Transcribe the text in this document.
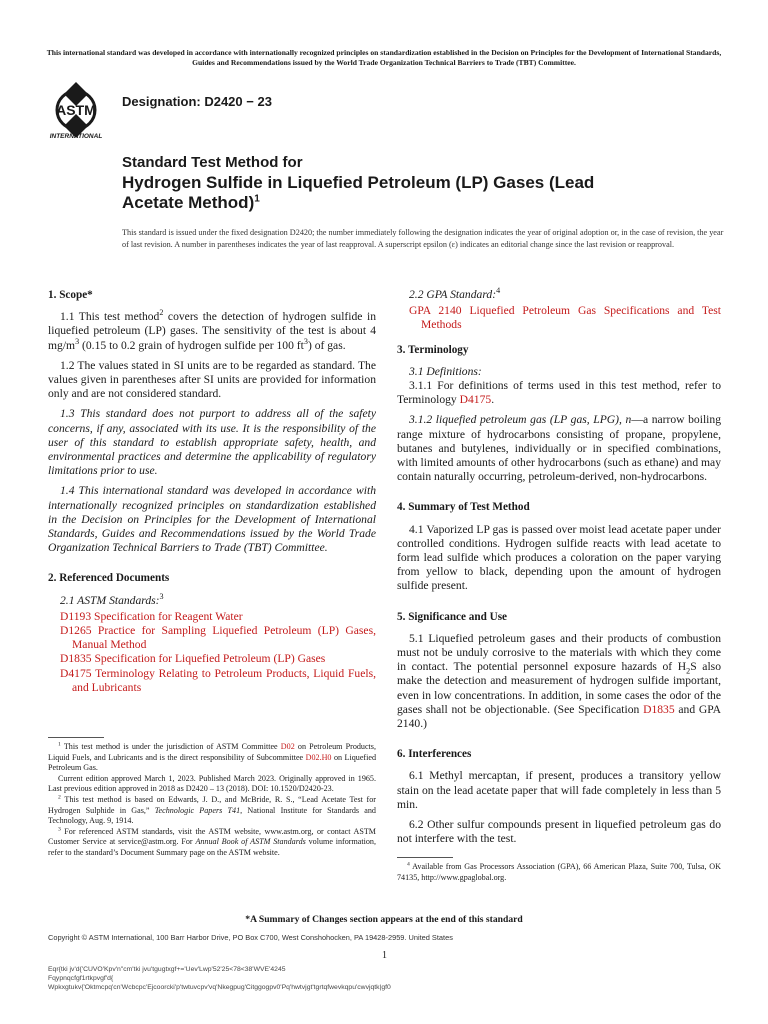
This international standard was developed in accordance with internationally recognized principles on standardization established in the Decision on Principles for the Development of International Standards, Guides and Recommendations issued by the World Trade Organization Technical Barriers to Trade (TBT) Committee.
ASTM
INTERNATIONAL
Designation: D2420 − 23
Standard Test Method for
Hydrogen Sulfide in Liquefied Petroleum (LP) Gases (Lead
Acetate Method)$^1$
This standard is issued under the fixed designation D2420; the number immediately following the designation indicates the year of original adoption or, in the case of revision, the year of last revision. A number in parentheses indicates the year of last reapproval. A superscript epsilon (ε) indicates an editorial change since the last revision or reapproval.
1. Scope*

1.1 This test method$^2$ covers the detection of hydrogen sulfide in liquefied petroleum (LP) gases. The sensitivity of the test is about 4 $mg/m^3$ (0.15 to 0.2 grain of hydrogen sulfide per 100 $ft^3$) of gas.

1.2 The values stated in SI units are to be regarded as standard. The values given in parentheses after SI units are provided for information only and are not considered standard.

1.3 This standard does not purport to address all of the safety concerns, if any, associated with its use. It is the responsibility of the user of this standard to establish appropriate safety, health, and environmental practices and determine the applicability of regulatory limitations prior to use.

1.4 This international standard was developed in accordance with internationally recognized principles on standardization established in the Decision on Principles for the Development of International Standards, Guides and Recommendations issued by the World Trade Organization Technical Barriers to Trade (TBT) Committee.

2. Referenced Documents

2.1 ASTM Standards:$^3$

D1193 Specification for Reagent Water
D1265 Practice for Sampling Liquefied Petroleum (LP) Gases, Manual Method
D1835 Specification for Liquefied Petroleum (LP) Gases
D4175 Terminology Relating to Petroleum Products, Liquid Fuels, and Lubricants

$^1$ This test method is under the jurisdiction of ASTM Committee D02 on Petroleum Products, Liquid Fuels, and Lubricants and is the direct responsibility of Subcommittee D02.H0 on Liquefied Petroleum Gas.

Current edition approved March 1, 2023. Published March 2023. Originally approved in 1965. Last previous edition approved in 2018 as D2420 – 13 (2018). DOI: 10.1520/D2420-23.

$^2$ This test method is based on Edwards, J. D., and McBride, R. S., “Lead Acetate Test for Hydrogen Sulphide in Gas,” Technologic Papers T41, National Institute for Standards and Technology, Aug. 9, 1914.

$^3$ For referenced ASTM standards, visit the ASTM website, www.astm.org, or contact ASTM Customer Service at service@astm.org. For Annual Book of ASTM Standards volume information, refer to the standard’s Document Summary page on the ASTM website.

2.2 GPA Standard:$^4$

GPA 2140 Liquefied Petroleum Gas Specifications and Test Methods
3. Terminology

3.1 Definitions:

3.1.1 For definitions of terms used in this test method, refer to Terminology D4175.

3.1.2 liquefied petroleum gas (LP gas, LPG), n—a narrow boiling range mixture of hydrocarbons consisting of propane, propylene, butanes and butylenes, individually or in specified combinations, with limited amounts of other hydrocarbons (such as ethane) and may contain naturally occurring, petroleum-derived, non-hydrocarbons.

4. Summary of Test Method

4.1 Vaporized LP gas is passed over moist lead acetate paper under controlled conditions. Hydrogen sulfide reacts with lead acetate to form lead sulfide which produces a coloration on the paper varying from yellow to black, depending upon the amount of hydrogen sulfide present.

5. Significance and Use

5.1 Liquefied petroleum gases and their products of combustion must not be unduly corrosive to the materials with which they come in contact. The potential personnel exposure hazards of $H_2S$ also make the detection and measurement of hydrogen sulfide important, even in low concentrations. In addition, in some cases the odor of the gases shall not be objectionable. (See Specification D1835 and GPA 2140.)

6. Interferences

6.1 Methyl mercaptan, if present, produces a transitory yellow stain on the lead acetate paper that will fade completely in less than 5 min.

6.2 Other sulfur compounds present in liquefied petroleum gas do not interfere with the test.

$^4$ Available from Gas Processors Association (GPA), 66 American Plaza, Suite 700, Tulsa, OK 74135, http://www.gpaglobal.org.

*A Summary of Changes section appears at the end of this standard
Copyright © ASTM International, 100 Barr Harbor Drive, PO Box C700, West Conshohocken, PA 19428-2959. United States
1
Eqr{tki jv'd{'CUVO'Kpv'n"cm'tki jvu'tgugtxgf+='Uev'Lwp'52'25<78<38'WVE'4245
Fqypnqcfgf1rtkpvgf'd{
Wpkxgtukv{'Oktmcpq'cn'Wcbcpc'Ejcoorcki'p'twtuvcpv'vq'Nkegpug'Citggogpv0'Pq'hwtvjgt'tgrtqfwevkqpu'cwvjqtk|gf0
